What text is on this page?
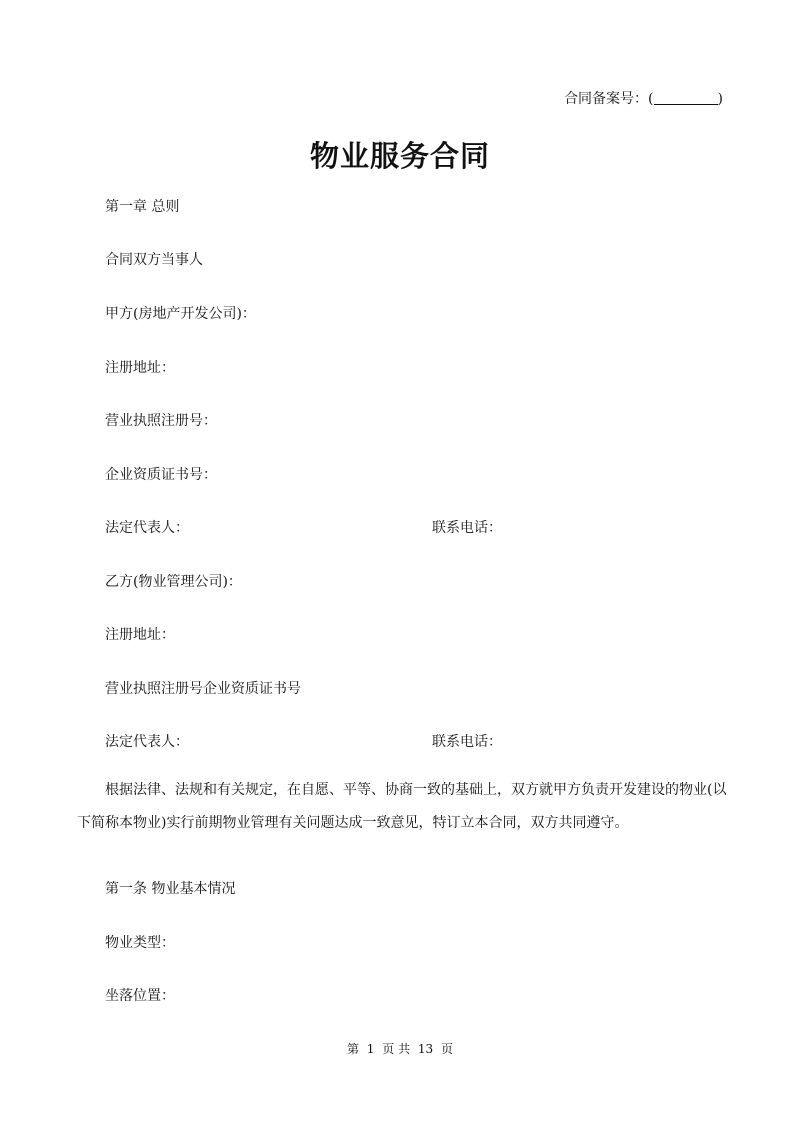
合同备案号：(	)
物业服务合同
第一章 总则
合同双方当事人
甲方(房地产开发公司)：
注册地址：
营业执照注册号：
企业资质证书号：
法定代表人：	联系电话：
乙方(物业管理公司)：
注册地址：
营业执照注册号企业资质证书号
法定代表人：	联系电话：

根据法律、法规和有关规定，在自愿、平等、协商一致的基础上，双方就甲方负责开发建设的物业(以下简称本物业)实行前期物业管理有关问题达成一致意见，特订立本合同，双方共同遵守。

第一条 物业基本情况
物业类型：
坐落位置：
第 1 页 共 13 页
